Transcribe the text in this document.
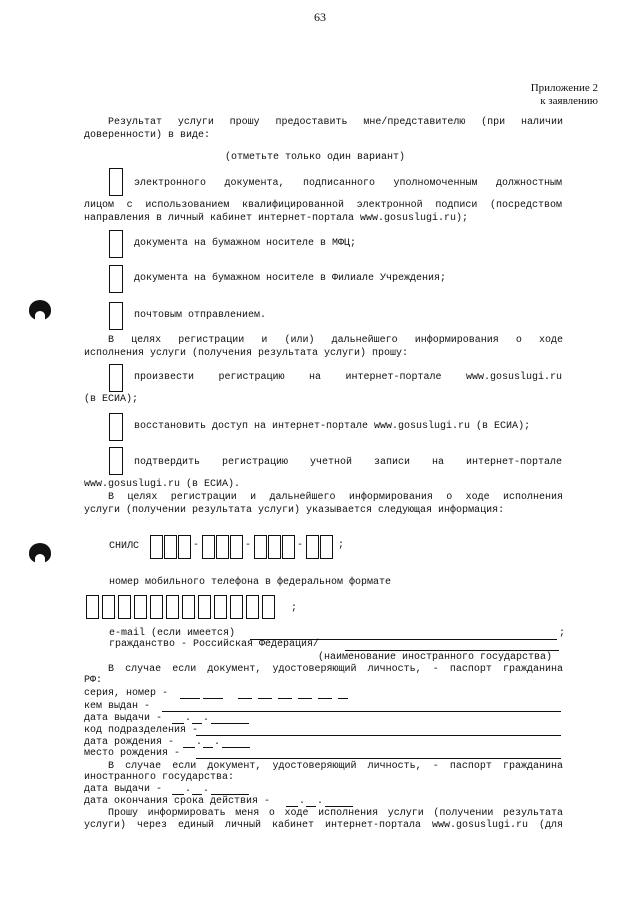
63
Приложение 2
к заявлению
Результат услуги прошу предоставить мне/представителю (при наличии
доверенности) в виде:
(отметьте только один вариант)
электронного документа, подписанного уполномоченным должностным
лицом с использованием квалифицированной электронной подписи (посредством
направления в личный кабинет интернет-портала www.gosuslugi.ru);
документа на бумажном носителе в МФЦ;
документа на бумажном носителе в Филиале Учреждения;
почтовым отправлением.
В целях регистрации и (или) дальнейшего информирования о ходе
исполнения услуги (получения результата услуги) прошу:
произвести регистрацию на интернет-портале www.gosuslugi.ru
(в ЕСИА);
восстановить доступ на интернет-портале www.gosuslugi.ru (в ЕСИА);
подтвердить регистрацию учетной записи на интернет-портале
www.gosuslugi.ru (в ЕСИА).
В целях регистрации и дальнейшего информирования о ходе исполнения
услуги (получении результата услуги) указывается следующая информация:
СНИЛС	-	-	-	;
номер мобильного телефона в федеральном формате
;
e-mail (если имеется)	;
гражданство - Российская Федерация/
(наименование иностранного государства)
В случае если документ, удостоверяющий личность, - паспорт гражданина
РФ:
серия, номер -
кем выдан -
дата выдачи - . .
код подразделения -
дата рождения - . .
место рождения -
В случае если документ, удостоверяющий личность, - паспорт гражданина
иностранного государства:
дата выдачи - . .
дата окончания срока действия -	. .
Прошу информировать меня о ходе исполнения услуги (получении результата
услуги) через единый личный кабинет интернет-портала www.gosuslugi.ru (для
